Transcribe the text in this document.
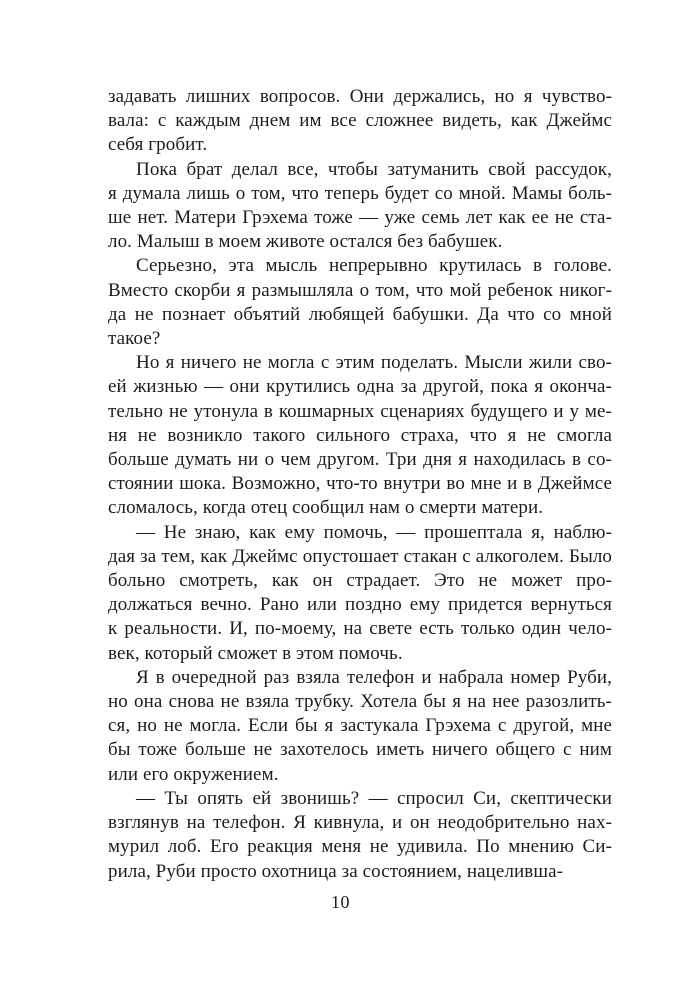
задавать лишних вопросов. Они держались, но я чувство-
вала: с каждым днем им все сложнее видеть, как Джеймс
себя гробит.
Пока брат делал все, чтобы затуманить свой рассудок,
я думала лишь о том, что теперь будет со мной. Мамы боль-
ше нет. Матери Грэхема тоже — уже семь лет как ее не ста-
ло. Малыш в моем животе остался без бабушек.
Серьезно, эта мысль непрерывно крутилась в голове.
Вместо скорби я размышляла о том, что мой ребенок никог-
да не познает объятий любящей бабушки. Да что со мной
такое?
Но я ничего не могла с этим поделать. Мысли жили сво-
ей жизнью — они крутились одна за другой, пока я оконча-
тельно не утонула в кошмарных сценариях будущего и у ме-
ня не возникло такого сильного страха, что я не смогла
больше думать ни о чем другом. Три дня я находилась в со-
стоянии шока. Возможно, что-то внутри во мне и в Джеймсе
сломалось, когда отец сообщил нам о смерти матери.
— Не знаю, как ему помочь, — прошептала я, наблю-
дая за тем, как Джеймс опустошает стакан с алкоголем. Было
больно смотреть, как он страдает. Это не может про-
должаться вечно. Рано или поздно ему придется вернуться
к реальности. И, по-моему, на свете есть только один чело-
век, который сможет в этом помочь.
Я в очередной раз взяла телефон и набрала номер Руби,
но она снова не взяла трубку. Хотела бы я на нее разозлить-
ся, но не могла. Если бы я застукала Грэхема с другой, мне
бы тоже больше не захотелось иметь ничего общего с ним
или его окружением.
— Ты опять ей звонишь? — спросил Си, скептически
взглянув на телефон. Я кивнула, и он неодобрительно нах-
мурил лоб. Его реакция меня не удивила. По мнению Си-
рила, Руби просто охотница за состоянием, нацеливша-
10
